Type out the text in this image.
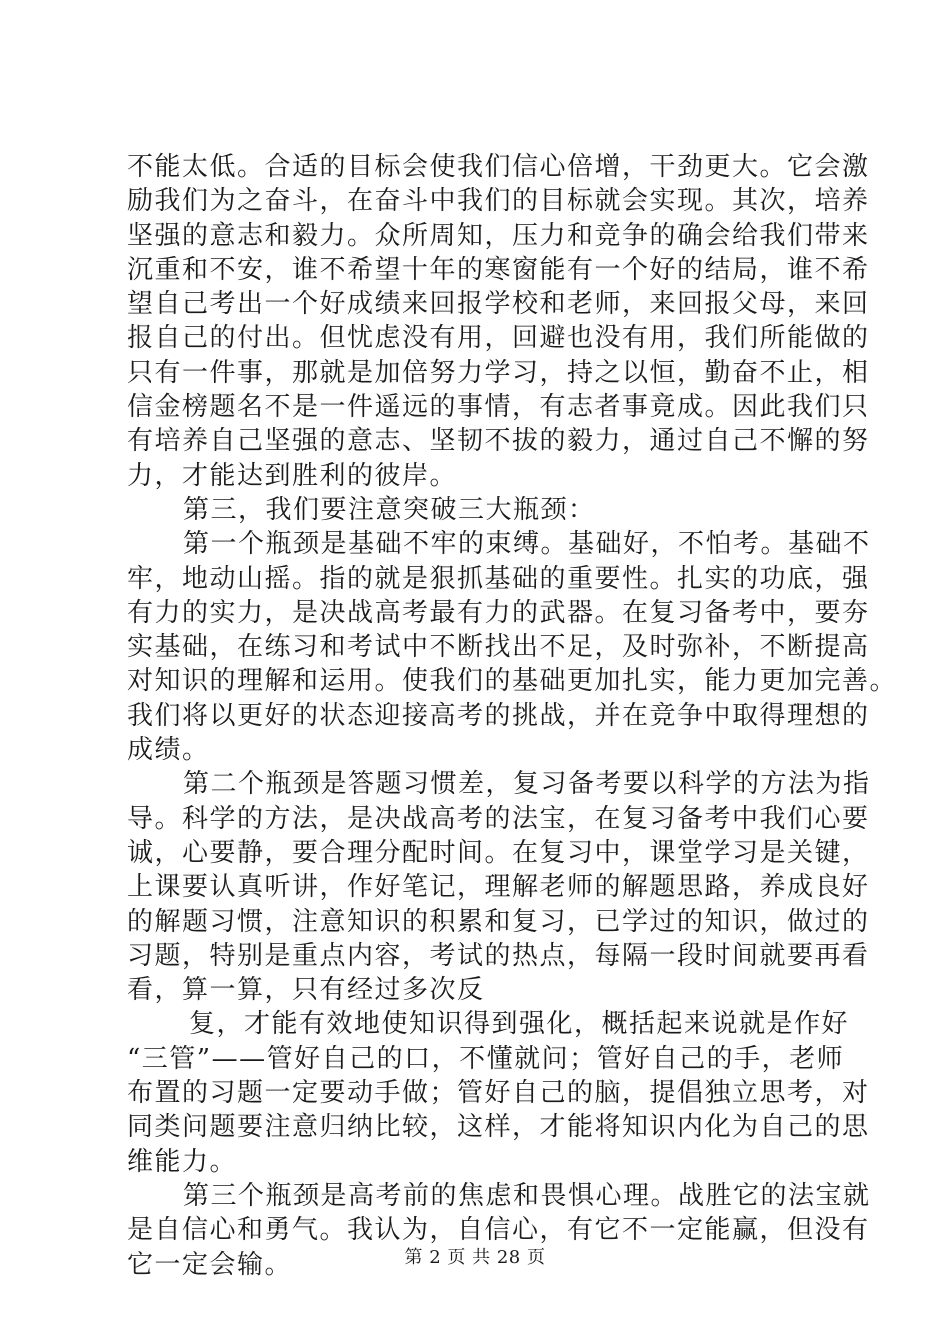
不能太低。合适的目标会使我们信心倍增，干劲更大。它会激
励我们为之奋斗，在奋斗中我们的目标就会实现。其次，培养
坚强的意志和毅力。众所周知，压力和竞争的确会给我们带来
沉重和不安，谁不希望十年的寒窗能有一个好的结局，谁不希
望自己考出一个好成绩来回报学校和老师，来回报父母，来回
报自己的付出。但忧虑没有用，回避也没有用，我们所能做的
只有一件事，那就是加倍努力学习，持之以恒，勤奋不止，相
信金榜题名不是一件遥远的事情，有志者事竟成。因此我们只
有培养自己坚强的意志、坚韧不拔的毅力，通过自己不懈的努
力，才能达到胜利的彼岸。
第三，我们要注意突破三大瓶颈：
第一个瓶颈是基础不牢的束缚。基础好，不怕考。基础不
牢，地动山摇。指的就是狠抓基础的重要性。扎实的功底，强
有力的实力，是决战高考最有力的武器。在复习备考中，要夯
实基础，在练习和考试中不断找出不足，及时弥补，不断提高
对知识的理解和运用。使我们的基础更加扎实，能力更加完善。
我们将以更好的状态迎接高考的挑战，并在竞争中取得理想的
成绩。
第二个瓶颈是答题习惯差，复习备考要以科学的方法为指
导。科学的方法，是决战高考的法宝，在复习备考中我们心要
诚，心要静，要合理分配时间。在复习中，课堂学习是关键，
上课要认真听讲，作好笔记，理解老师的解题思路，养成良好
的解题习惯，注意知识的积累和复习，已学过的知识，做过的
习题，特别是重点内容，考试的热点，每隔一段时间就要再看
看，算一算，只有经过多次反
复，才能有效地使知识得到强化，概括起来说就是作好
“三管”——管好自己的口，不懂就问；管好自己的手，老师
布置的习题一定要动手做；管好自己的脑，提倡独立思考，对
同类问题要注意归纳比较，这样，才能将知识内化为自己的思
维能力。
第三个瓶颈是高考前的焦虑和畏惧心理。战胜它的法宝就
是自信心和勇气。我认为，自信心，有它不一定能赢，但没有
它一定会输。	第 2 页 共 28 页
